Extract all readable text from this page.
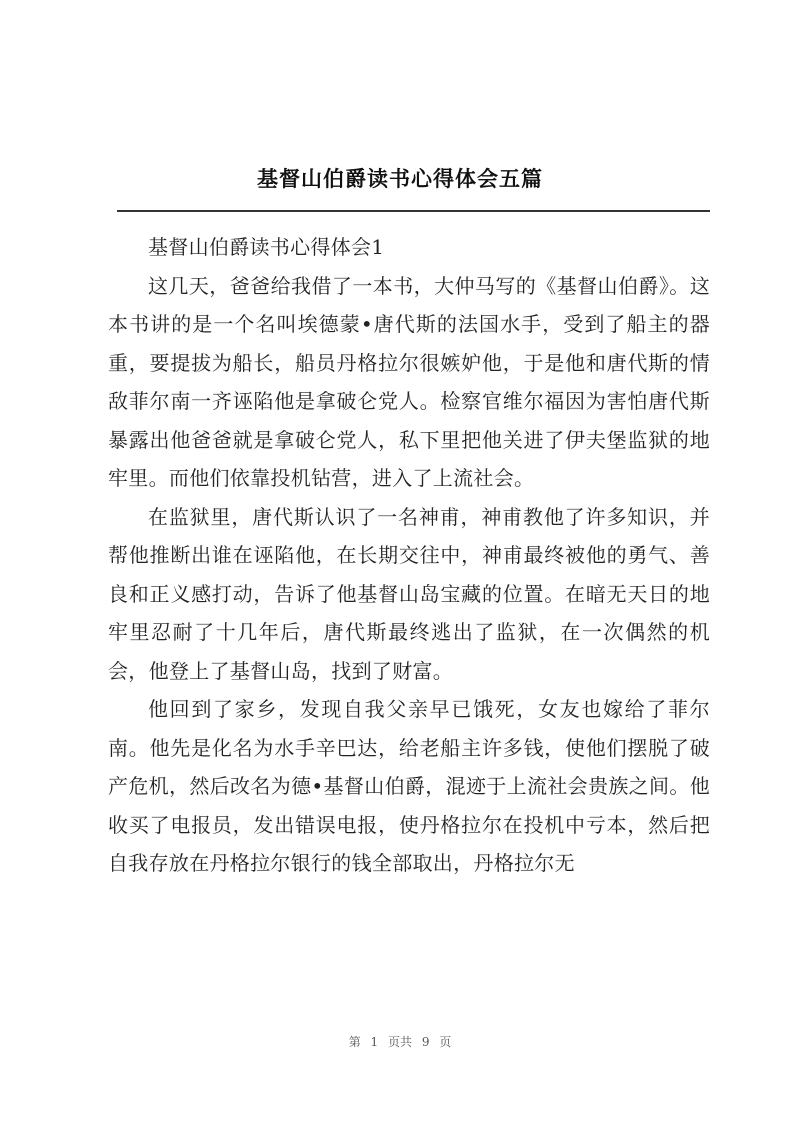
基督山伯爵读书心得体会五篇

基督山伯爵读书心得体会1

这几天，爸爸给我借了一本书，大仲马写的《基督山伯爵》。这本书讲的是一个名叫埃德蒙•唐代斯的法国水手，受到了船主的器重，要提拔为船长，船员丹格拉尔很嫉妒他，于是他和唐代斯的情敌菲尔南一齐诬陷他是拿破仑党人。检察官维尔福因为害怕唐代斯暴露出他爸爸就是拿破仑党人，私下里把他关进了伊夫堡监狱的地牢里。而他们依靠投机钻营，进入了上流社会。

在监狱里，唐代斯认识了一名神甫，神甫教他了许多知识，并帮他推断出谁在诬陷他，在长期交往中，神甫最终被他的勇气、善良和正义感打动，告诉了他基督山岛宝藏的位置。在暗无天日的地牢里忍耐了十几年后，唐代斯最终逃出了监狱，在一次偶然的机会，他登上了基督山岛，找到了财富。

他回到了家乡，发现自我父亲早已饿死，女友也嫁给了菲尔南。他先是化名为水手辛巴达，给老船主许多钱，使他们摆脱了破产危机，然后改名为德•基督山伯爵，混迹于上流社会贵族之间。他收买了电报员，发出错误电报，使丹格拉尔在投机中亏本，然后把自我存放在丹格拉尔银行的钱全部取出，丹格拉尔无

第 1 页共 9 页
